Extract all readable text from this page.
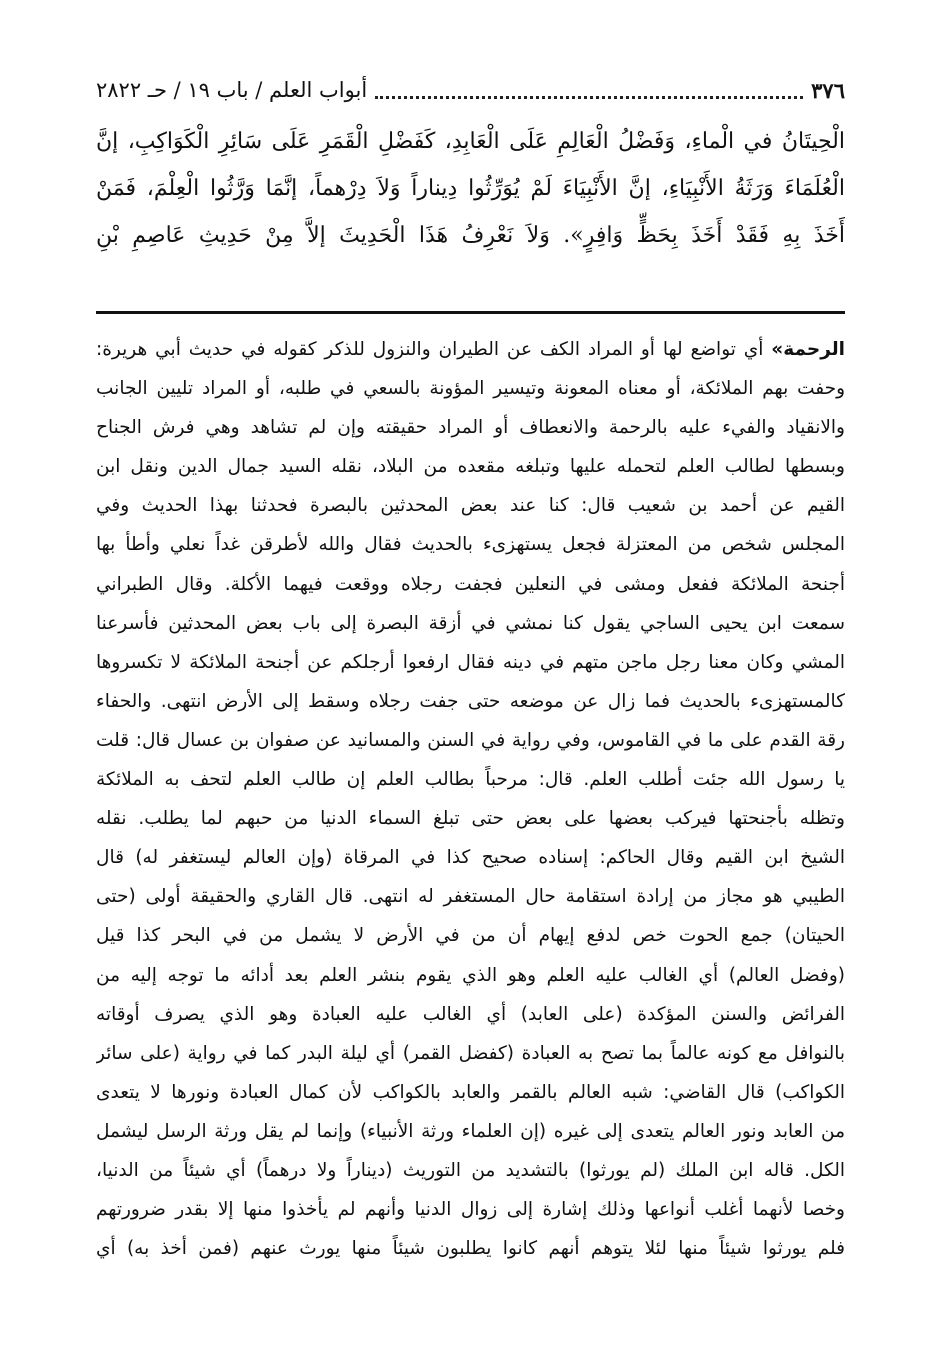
٣٧٦
أبواب العلم / باب ١٩ / حـ ٢٨٢٢
الْحِيتَانُ في الْماءِ، وَفَضْلُ الْعَالِمِ عَلَى الْعَابِدِ، كَفَضْلِ الْقَمَرِ عَلَى سَائِرِ الْكَوَاكِبِ، إنَّ
الْعُلَمَاءَ وَرَثَةُ الأَنْبِيَاءِ، إنَّ الأَنْبِيَاءَ لَمْ يُوَرِّثُوا دِيناراً وَلاَ دِرْهماً، إنَّمَا وَرَّثُوا الْعِلْمَ، فَمَنْ
أَخَذَ بِهِ فَقَدْ أَخَذَ بِحَظٍّ وَافِرٍ». وَلاَ نَعْرِفُ هَذَا الْحَدِيثَ إلاَّ مِنْ حَدِيثِ عَاصِمِ بْنِ
الرحمة» أي تواضع لها أو المراد الكف عن الطيران والنزول للذكر كقوله في حديث أبي هريرة:
وحفت بهم الملائكة، أو معناه المعونة وتيسير المؤونة بالسعي في طلبه، أو المراد تليين الجانب
والانقياد والفيء عليه بالرحمة والانعطاف أو المراد حقيقته وإن لم تشاهد وهي فرش الجناح
وبسطها لطالب العلم لتحمله عليها وتبلغه مقعده من البلاد، نقله السيد جمال الدين ونقل ابن
القيم عن أحمد بن شعيب قال: كنا عند بعض المحدثين بالبصرة فحدثنا بهذا الحديث وفي
المجلس شخص من المعتزلة فجعل يستهزىء بالحديث فقال والله لأطرقن غداً نعلي وأطأ بها
أجنحة الملائكة ففعل ومشى في النعلين فجفت رجلاه ووقعت فيهما الأكلة. وقال الطبراني
سمعت ابن يحيى الساجي يقول كنا نمشي في أزقة البصرة إلى باب بعض المحدثين فأسرعنا
المشي وكان معنا رجل ماجن متهم في دينه فقال ارفعوا أرجلكم عن أجنحة الملائكة لا تكسروها
كالمستهزىء بالحديث فما زال عن موضعه حتى جفت رجلاه وسقط إلى الأرض انتهى. والحفاء
رقة القدم على ما في القاموس، وفي رواية في السنن والمسانيد عن صفوان بن عسال قال: قلت
يا رسول الله جئت أطلب العلم. قال: مرحباً بطالب العلم إن طالب العلم لتحف به الملائكة
وتظله بأجنحتها فيركب بعضها على بعض حتى تبلغ السماء الدنيا من حبهم لما يطلب. نقله
الشيخ ابن القيم وقال الحاكم: إسناده صحيح كذا في المرقاة (وإن العالم ليستغفر له) قال
الطيبي هو مجاز من إرادة استقامة حال المستغفر له انتهى. قال القاري والحقيقة أولى (حتى
الحيتان) جمع الحوت خص لدفع إيهام أن من في الأرض لا يشمل من في البحر كذا قيل
(وفضل العالم) أي الغالب عليه العلم وهو الذي يقوم بنشر العلم بعد أدائه ما توجه إليه من
الفرائض والسنن المؤكدة (على العابد) أي الغالب عليه العبادة وهو الذي يصرف أوقاته
بالنوافل مع كونه عالماً بما تصح به العبادة (كفضل القمر) أي ليلة البدر كما في رواية (على سائر
الكواكب) قال القاضي: شبه العالم بالقمر والعابد بالكواكب لأن كمال العبادة ونورها لا يتعدى
من العابد ونور العالم يتعدى إلى غيره (إن العلماء ورثة الأنبياء) وإنما لم يقل ورثة الرسل ليشمل
الكل. قاله ابن الملك (لم يورثوا) بالتشديد من التوريث (ديناراً ولا درهماً) أي شيئاً من الدنيا،
وخصا لأنهما أغلب أنواعها وذلك إشارة إلى زوال الدنيا وأنهم لم يأخذوا منها إلا بقدر ضرورتهم
فلم يورثوا شيئاً منها لئلا يتوهم أنهم كانوا يطلبون شيئاً منها يورث عنهم (فمن أخذ به) أي
